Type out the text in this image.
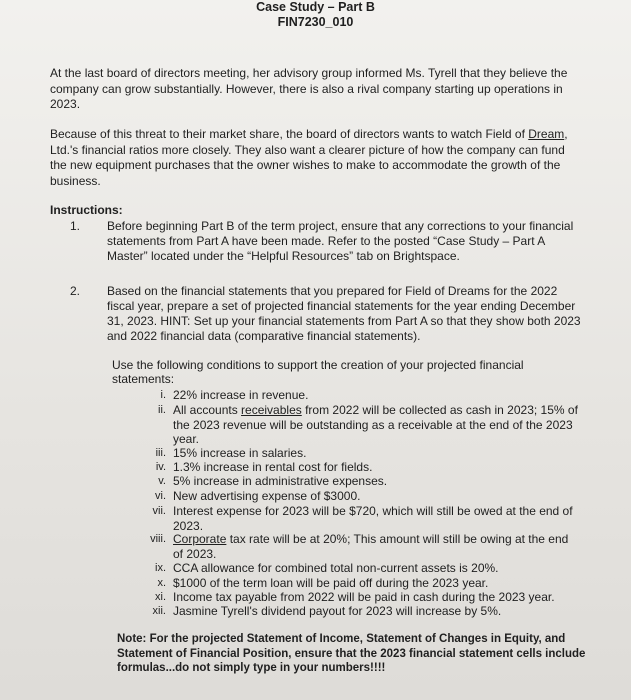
Case Study – Part B
FIN7230_010
At the last board of directors meeting, her advisory group informed Ms. Tyrell that they believe the company can grow substantially. However, there is also a rival company starting up operations in 2023.
Because of this threat to their market share, the board of directors wants to watch Field of Dream, Ltd.'s financial ratios more closely. They also want a clearer picture of how the company can fund the new equipment purchases that the owner wishes to make to accommodate the growth of the business.
Instructions:
1. Before beginning Part B of the term project, ensure that any corrections to your financial statements from Part A have been made. Refer to the posted “Case Study – Part A Master” located under the “Helpful Resources” tab on Brightspace.
2. Based on the financial statements that you prepared for Field of Dreams for the 2022 fiscal year, prepare a set of projected financial statements for the year ending December 31, 2023. HINT: Set up your financial statements from Part A so that they show both 2023 and 2022 financial data (comparative financial statements).
Use the following conditions to support the creation of your projected financial statements:
i. 22% increase in revenue.
ii. All accounts receivables from 2022 will be collected as cash in 2023; 15% of the 2023 revenue will be outstanding as a receivable at the end of the 2023 year.
iii. 15% increase in salaries.
iv. 1.3% increase in rental cost for fields.
v. 5% increase in administrative expenses.
vi. New advertising expense of $3000.
vii. Interest expense for 2023 will be $720, which will still be owed at the end of 2023.
viii. Corporate tax rate will be at 20%; This amount will still be owing at the end of 2023.
ix. CCA allowance for combined total non-current assets is 20%.
x. $1000 of the term loan will be paid off during the 2023 year.
xi. Income tax payable from 2022 will be paid in cash during the 2023 year.
xii. Jasmine Tyrell's dividend payout for 2023 will increase by 5%.
Note: For the projected Statement of Income, Statement of Changes in Equity, and Statement of Financial Position, ensure that the 2023 financial statement cells include formulas...do not simply type in your numbers!!!!
